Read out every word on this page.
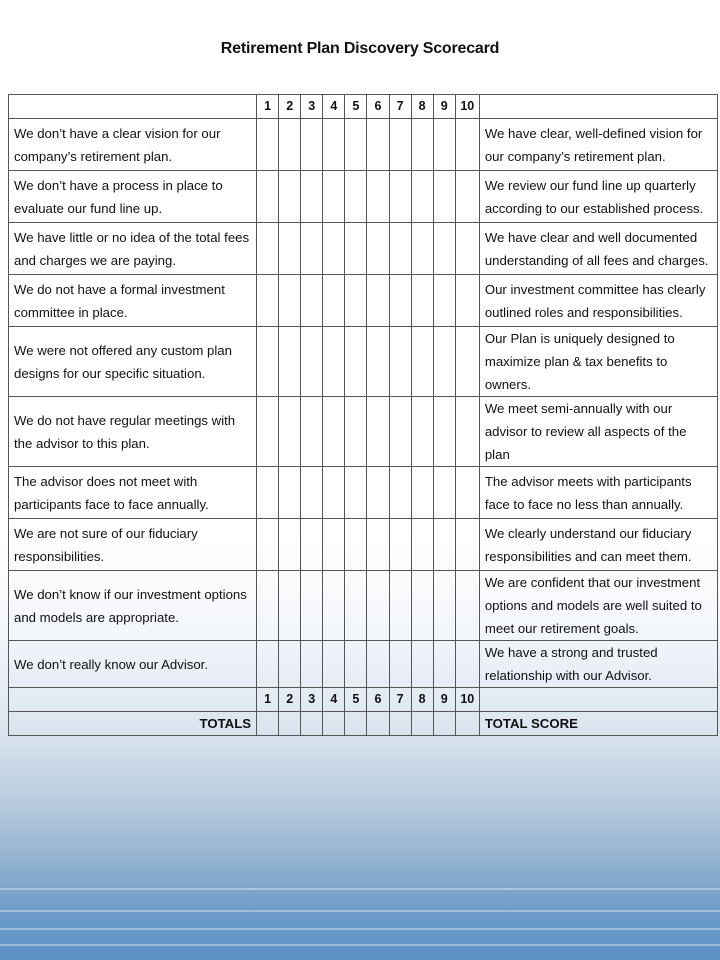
Retirement Plan Discovery Scorecard
	1	2	3	4	5	6	7	8	9	10	
We don’t have a clear vision for our company’s retirement plan.											We have clear, well-defined vision for our company’s retirement plan.
We don’t have a process in place to evaluate our fund line up.											We review our fund line up quarterly according to our established process.
We have little or no idea of the total fees and charges we are paying.											We have clear and well documented understanding of all fees and charges.
We do not have a formal investment committee in place.											Our investment committee has clearly outlined roles and responsibilities.
We were not offered any custom plan designs for our specific situation.											Our Plan is uniquely designed to maximize plan & tax benefits to owners.
We do not have regular meetings with the advisor to this plan.											We meet semi-annually with our advisor to review all aspects of the plan
The advisor does not meet with participants face to face annually.											The advisor meets with participants face to face no less than annually.
We are not sure of our fiduciary responsibilities.											We clearly understand our fiduciary responsibilities and can meet them.
We don’t know if our investment options and models are appropriate.											We are confident that our investment options and models are well suited to meet our retirement goals.
We don’t really know our Advisor.											We have a strong and trusted relationship with our Advisor.
	1	2	3	4	5	6	7	8	9	10	
TOTALS											TOTAL SCORE
